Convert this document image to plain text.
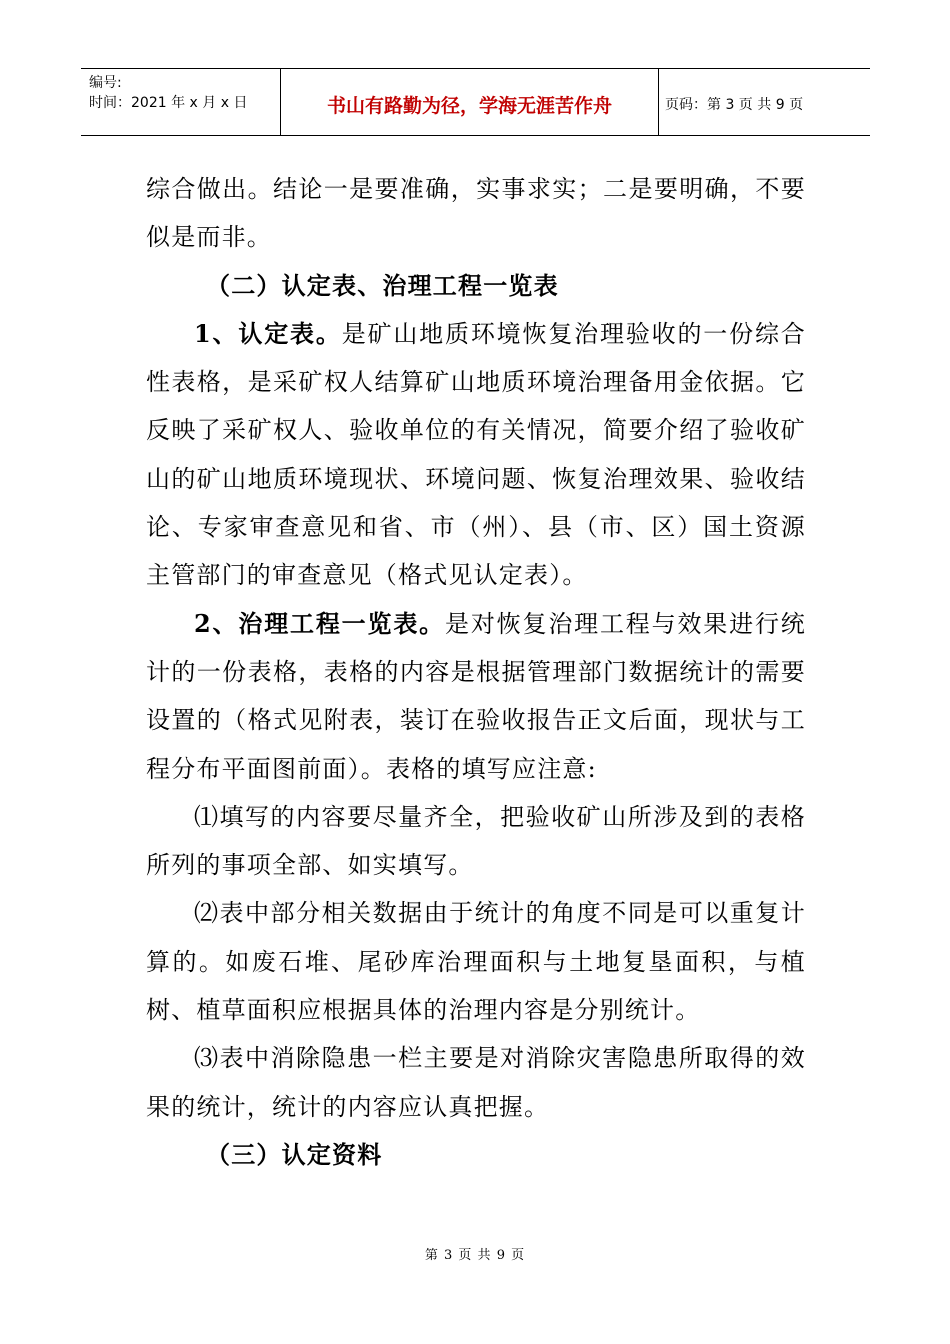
编号:
时间：2021 年 x 月 x 日	书山有路勤为径，学海无涯苦作舟	页码：第 3 页 共 9 页

综合做出。结论一是要准确，实事求实；二是要明确，不要似是而非。

（二）认定表、治理工程一览表

1、认定表。是矿山地质环境恢复治理验收的一份综合性表格，是采矿权人结算矿山地质环境治理备用金依据。它反映了采矿权人、验收单位的有关情况，简要介绍了验收矿山的矿山地质环境现状、环境问题、恢复治理效果、验收结论、专家审查意见和省、市（州）、县（市、区）国土资源主管部门的审查意见（格式见认定表）。

2、治理工程一览表。是对恢复治理工程与效果进行统计的一份表格，表格的内容是根据管理部门数据统计的需要设置的（格式见附表，装订在验收报告正文后面，现状与工程分布平面图前面）。表格的填写应注意:

⑴填写的内容要尽量齐全，把验收矿山所涉及到的表格所列的事项全部、如实填写。

⑵表中部分相关数据由于统计的角度不同是可以重复计算的。如废石堆、尾砂库治理面积与土地复垦面积，与植树、植草面积应根据具体的治理内容是分别统计。

⑶表中消除隐患一栏主要是对消除灾害隐患所取得的效果的统计，统计的内容应认真把握。

（三）认定资料

第 3 页 共 9 页
